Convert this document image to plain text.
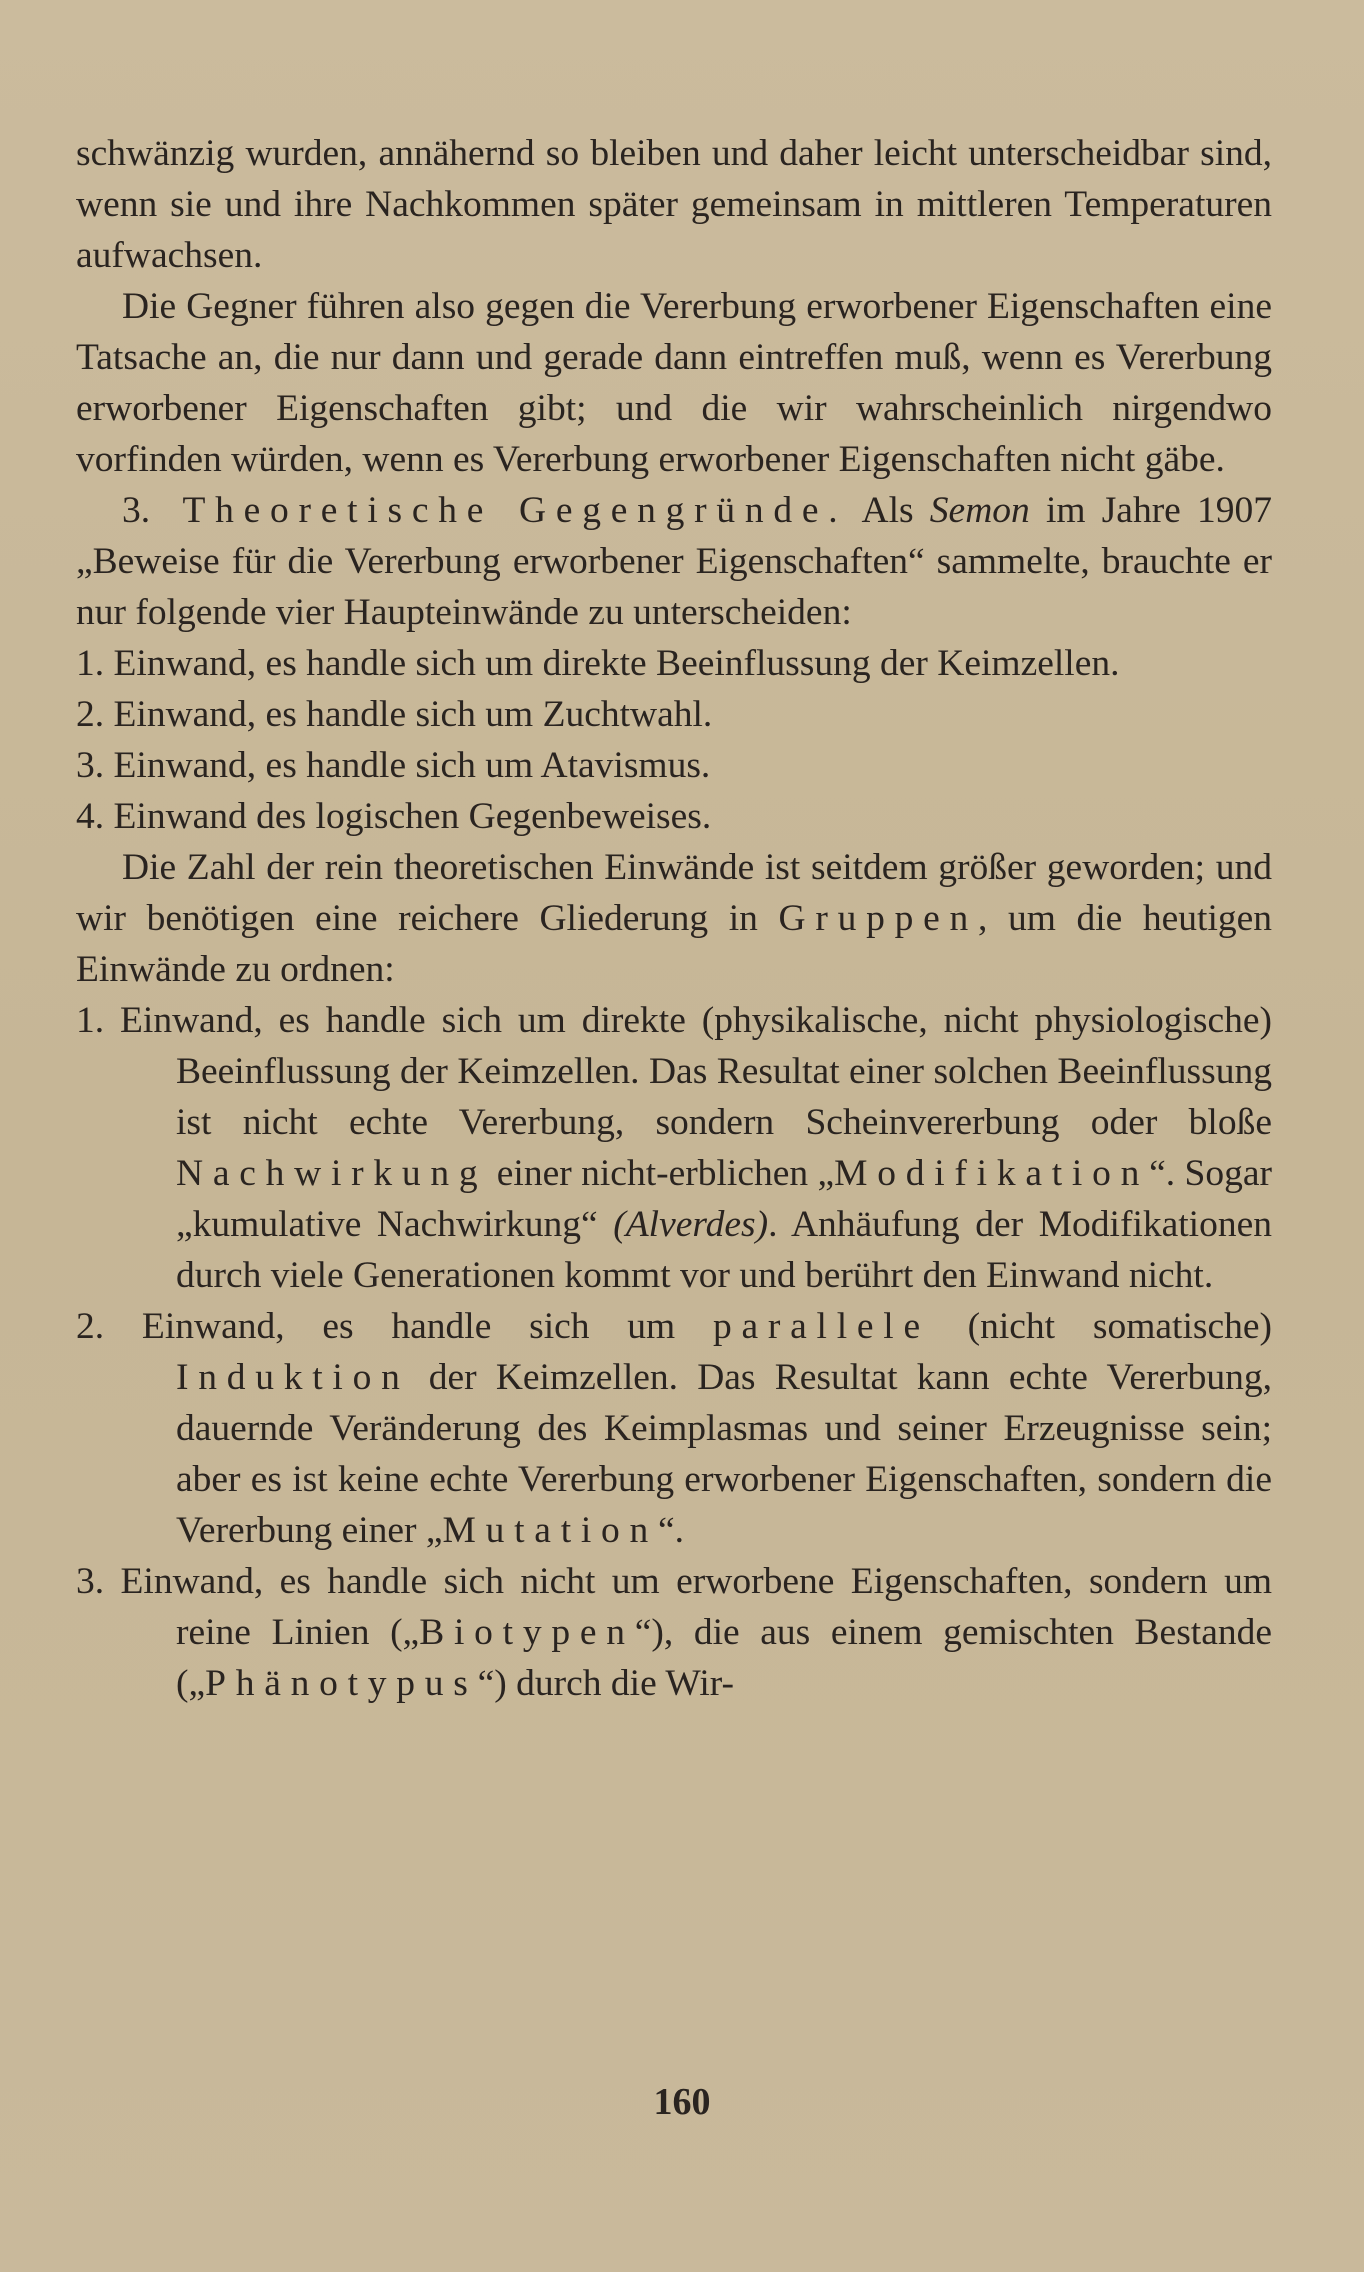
schwänzig wurden, annähernd so bleiben und daher leicht unterscheidbar sind, wenn sie und ihre Nachkommen später gemeinsam in mittleren Temperaturen aufwachsen.

Die Gegner führen also gegen die Vererbung erworbener Eigenschaften eine Tatsache an, die nur dann und gerade dann eintreffen muß, wenn es Vererbung erworbener Eigenschaften gibt; und die wir wahrscheinlich nirgendwo vorfinden würden, wenn es Vererbung erworbener Eigenschaften nicht gäbe.

3. Theoretische Gegengründe. Als Semon im Jahre 1907 „Beweise für die Vererbung erworbener Eigenschaften“ sammelte, brauchte er nur folgende vier Haupteinwände zu unterscheiden:

1. Einwand, es handle sich um direkte Beeinflussung der Keimzellen.

2. Einwand, es handle sich um Zuchtwahl.

3. Einwand, es handle sich um Atavismus.

4. Einwand des logischen Gegenbeweises.

Die Zahl der rein theoretischen Einwände ist seitdem größer geworden; und wir benötigen eine reichere Gliederung in Gruppen, um die heutigen Einwände zu ordnen:

1. Einwand, es handle sich um direkte (physikalische, nicht physiologische) Beeinflussung der Keimzellen. Das Resultat einer solchen Beeinflussung ist nicht echte Vererbung, sondern Scheinvererbung oder bloße Nachwirkung einer nicht-erblichen „Modifikation“. Sogar „kumulative Nachwirkung“ (Alverdes). Anhäufung der Modifikationen durch viele Generationen kommt vor und berührt den Einwand nicht.

2. Einwand, es handle sich um parallele (nicht somatische) Induktion der Keimzellen. Das Resultat kann echte Vererbung, dauernde Veränderung des Keimplasmas und seiner Erzeugnisse sein; aber es ist keine echte Vererbung erworbener Eigenschaften, sondern die Vererbung einer „Mutation“.

3. Einwand, es handle sich nicht um erworbene Eigenschaften, sondern um reine Linien („Biotypen“), die aus einem gemischten Bestande („Phänotypus“) durch die Wir-

160
